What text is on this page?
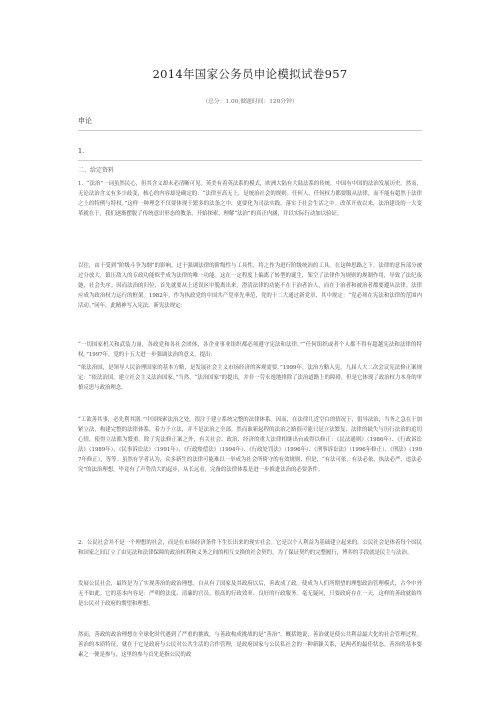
2014年国家公务员申论模拟试卷957
（总分：1.00,做题时间：120分钟）
申论
1.
二、给定资料

1．“法治”一词虽然民心，但其含义却未必清晰可见。英美有着英法系的模式，欧洲大陆有大陆法系的传统，中国有中国的法治发展历史。然而，无论法治含义有多少歧变，核心的内容却是确定的：“法律至高无上，是统治社会的规则。任何人、任何权力都要服从法律，而不能有超然于法律之上的特例与特权。”这样一种理念不仅要体现于繁多的法条之中，更要化为司法实践，落实于社会生活之中。改革开放以来，法治建设的一大变革就在于，我们逐渐摆脱了传统意识形态的教条，开始探索、理解“法治”的真正内涵，并以实际行动加以验证。

以往，由于受到“阶级斗争为纲”的影响，过于强调法律的阶级性与工具性，将之作为进行阶级统治的工具。在这种思路之下，法律的意旨部分被过分放大，镇压敌人的专政功能似乎成为法律的唯一功能。这在一定程度上偏离了转型的诞生，架空了法律作为规则的规制作用，导致了法纪废弛，社会失序。因而法治的归位，首先就要从上述误区中脱离出来，澄清法律的功能不在于治者治人，而在于治者和被治者都要遵从法律。法律应成为政治权力运行的框架。1982年，作为执政党的中国共产党率先垂范，党的十二大通过新党章，其中规定：“党必须在宪法和法律的范围内活动。”同年，此精神写入宪法，新宪法规定：

“一切国家机关和武装力量，各政党和各社会团体、各企业事业组织都必须遵守宪法和法律。”“任何组织或者个人都不得有超越宪法和法律的特权。”1997年，党的十五大进一步强调法治的意义，提出：

“依法治国，是领导人民治理国家的基本方略，是发展社会主义市场经济的客观需要。”1999年，法治方略入宪，九届人大二次会议宪法修正案规定：“依法治国，建立社会主义法治国家。”当然，“法治国家”的提出，并非一劳永逸地排除了法治道路上的障碍，但是它体现了政治权力本身的审慎反思与政治理念。

“工欲善其事，必先利其器。”中国探索法治之处，很注于建立系统完整的法律体系。因而，在法律几近空白的情况下，倡导法治，当务之急在于加紧立法，构建完整的法律体系，着力于立法，并不是法治之全部。然而谁新起程的法治之路很可能只是立法繁复、法律的缺失与历行法治的追切心情，使得立法都为繁重。除了宪法修正案之外，有关社会、政治、经济的重大法律相继出台或得以修正：《民法通则》（1986年）、《行政诉讼法》（1989年）、《民事诉讼法》（1991年）、《行政赔偿法》（1994年）、《行政处罚法》（1996年）、《刑事诉讼法》（1996年修正）、《刑法》（1997年修正），等等。虽然有学者认为，众多新生的法律可能难以一举成为社会所倚守的有效规则，但是，“有法可依，有法必依，执法必严，违法必究”的法治理想，毕竟有了声势浩大的起步，从长远看，完备的法律体系是进一步推进法治的必要条件。

2．公民社会并不是一个理想的社会，而是在市场经济条件下生长出来的现实社会。它是以个人利益为基础建立起来的。公民社会是体着每个国民和国家之间订立了由宪法和法律保障的政治权利和义务之间的相互交换的社会契约，为了保证契约的完整履行，博弈的手段就是民主与法治。

发展公民社会，最终是为了实现善治的政治理想。自从有了国家及其政府以后，善政成了政。使成为人们所期望的理想政治管理模式，古今中外无不如此。它的基本内容是：严明的法度、清廉的官员、很高的行政效率、良好的行政服务。毫无疑问，只要政府存在一天，这样的善政就始终是公民对于政府的期望和理想。

然而，善政的政治理想在全球化时代遇到了严重的挑战，与善政构成挑战的是“善治”。概括地说，善治就是使公共利益最大化的社会管理过程。善治的本质特征，就在于它是政府与公民对公共生活的合作管理，是政府国家与公民私社会的一种新颖关系，是两者的最佳状态。善治的基本要素之一便是参与，这里的参与首先是指公民的政
